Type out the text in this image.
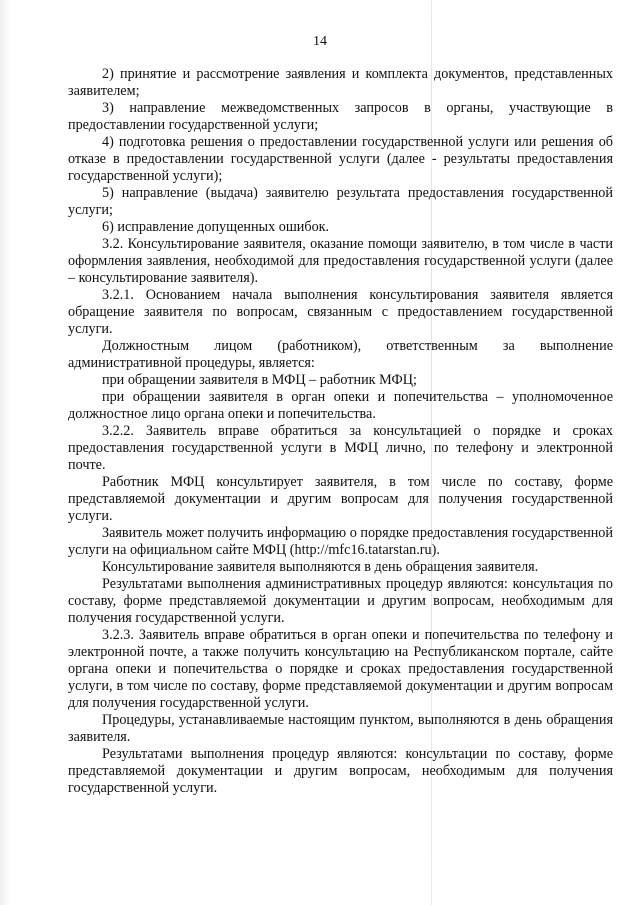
14

2) принятие и рассмотрение заявления и комплекта документов, представленных заявителем;

3) направление межведомственных запросов в органы, участвующие в предоставлении государственной услуги;

4) подготовка решения о предоставлении государственной услуги или решения об отказе в предоставлении государственной услуги (далее - результаты предоставления государственной услуги);

5) направление (выдача) заявителю результата предоставления государственной услуги;

6) исправление допущенных ошибок.

3.2. Консультирование заявителя, оказание помощи заявителю, в том числе в части оформления заявления, необходимой для предоставления государственной услуги (далее – консультирование заявителя).

3.2.1. Основанием начала выполнения консультирования заявителя является обращение заявителя по вопросам, связанным с предоставлением государственной услуги.

Должностным лицом (работником), ответственным за выполнение административной процедуры, является:

при обращении заявителя в МФЦ – работник МФЦ;

при обращении заявителя в орган опеки и попечительства – уполномоченное должностное лицо органа опеки и попечительства.

3.2.2. Заявитель вправе обратиться за консультацией о порядке и сроках предоставления государственной услуги в МФЦ лично, по телефону и электронной почте.

Работник МФЦ консультирует заявителя, в том числе по составу, форме представляемой документации и другим вопросам для получения государственной услуги.

Заявитель может получить информацию о порядке предоставления государственной услуги на официальном сайте МФЦ (http://mfc16.tatarstan.ru).

Консультирование заявителя выполняются в день обращения заявителя.

Результатами выполнения административных процедур являются: консультация по составу, форме представляемой документации и другим вопросам, необходимым для получения государственной услуги.

3.2.3. Заявитель вправе обратиться в орган опеки и попечительства по телефону и электронной почте, а также получить консультацию на Республиканском портале, сайте органа опеки и попечительства о порядке и сроках предоставления государственной услуги, в том числе по составу, форме представляемой документации и другим вопросам для получения государственной услуги.

Процедуры, устанавливаемые настоящим пунктом, выполняются в день обращения заявителя.

Результатами выполнения процедур являются: консультации по составу, форме представляемой документации и другим вопросам, необходимым для получения государственной услуги.
